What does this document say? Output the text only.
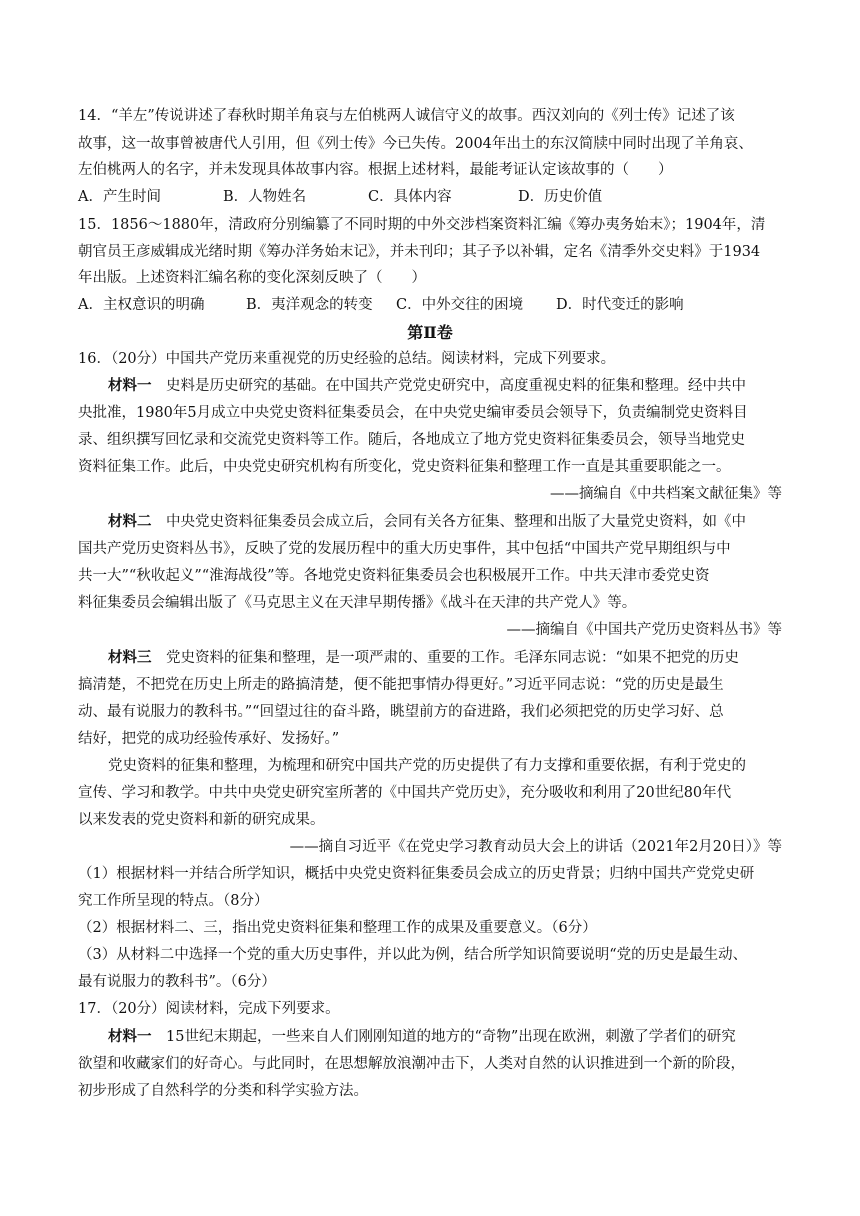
14．“羊左”传说讲述了春秋时期羊角哀与左伯桃两人诚信守义的故事。西汉刘向的《列士传》记述了该
故事，这一故事曾被唐代人引用，但《列士传》今已失传。2004年出土的东汉简牍中同时出现了羊角哀、
左伯桃两人的名字，并未发现具体故事内容。根据上述材料，最能考证认定该故事的（　　）
A．产生时间	B．人物姓名	C．具体内容	D．历史价值
15．1856～1880年，清政府分别编纂了不同时期的中外交涉档案资料汇编《筹办夷务始末》；1904年，清
朝官员王彦威辑成光绪时期《筹办洋务始末记》，并未刊印；其子予以补辑，定名《清季外交史料》于1934
年出版。上述资料汇编名称的变化深刻反映了（　　）
A．主权意识的明确	B．夷洋观念的转变	C．中外交往的困境	D．时代变迁的影响
第Ⅱ卷
16．（20分）中国共产党历来重视党的历史经验的总结。阅读材料，完成下列要求。
材料一　史料是历史研究的基础。在中国共产党党史研究中，高度重视史料的征集和整理。经中共中
央批准，1980年5月成立中央党史资料征集委员会，在中央党史编审委员会领导下，负责编制党史资料目
录、组织撰写回忆录和交流党史资料等工作。随后，各地成立了地方党史资料征集委员会，领导当地党史
资料征集工作。此后，中央党史研究机构有所变化，党史资料征集和整理工作一直是其重要职能之一。
——摘编自《中共档案文献征集》等
材料二　中央党史资料征集委员会成立后，会同有关各方征集、整理和出版了大量党史资料，如《中
国共产党历史资料丛书》，反映了党的发展历程中的重大历史事件，其中包括“中国共产党早期组织与中
共一大”“秋收起义”“淮海战役”等。各地党史资料征集委员会也积极展开工作。中共天津市委党史资
料征集委员会编辑出版了《马克思主义在天津早期传播》《战斗在天津的共产党人》等。
——摘编自《中国共产党历史资料丛书》等
材料三　党史资料的征集和整理，是一项严肃的、重要的工作。毛泽东同志说：“如果不把党的历史
搞清楚，不把党在历史上所走的路搞清楚，便不能把事情办得更好。”习近平同志说：“党的历史是最生
动、最有说服力的教科书。”“回望过往的奋斗路，眺望前方的奋进路，我们必须把党的历史学习好、总
结好，把党的成功经验传承好、发扬好。”
党史资料的征集和整理，为梳理和研究中国共产党的历史提供了有力支撑和重要依据，有利于党史的
宣传、学习和教学。中共中央党史研究室所著的《中国共产党历史》，充分吸收和利用了20世纪80年代
以来发表的党史资料和新的研究成果。
——摘自习近平《在党史学习教育动员大会上的讲话（2021年2月20日）》等
（1）根据材料一并结合所学知识，概括中央党史资料征集委员会成立的历史背景；归纳中国共产党党史研
究工作所呈现的特点。（8分）
（2）根据材料二、三，指出党史资料征集和整理工作的成果及重要意义。（6分）
（3）从材料二中选择一个党的重大历史事件，并以此为例，结合所学知识简要说明“党的历史是最生动、
最有说服力的教科书”。（6分）
17．（20分）阅读材料，完成下列要求。
材料一　15世纪末期起，一些来自人们刚刚知道的地方的“奇物”出现在欧洲，刺激了学者们的研究
欲望和收藏家们的好奇心。与此同时，在思想解放浪潮冲击下，人类对自然的认识推进到一个新的阶段，
初步形成了自然科学的分类和科学实验方法。
